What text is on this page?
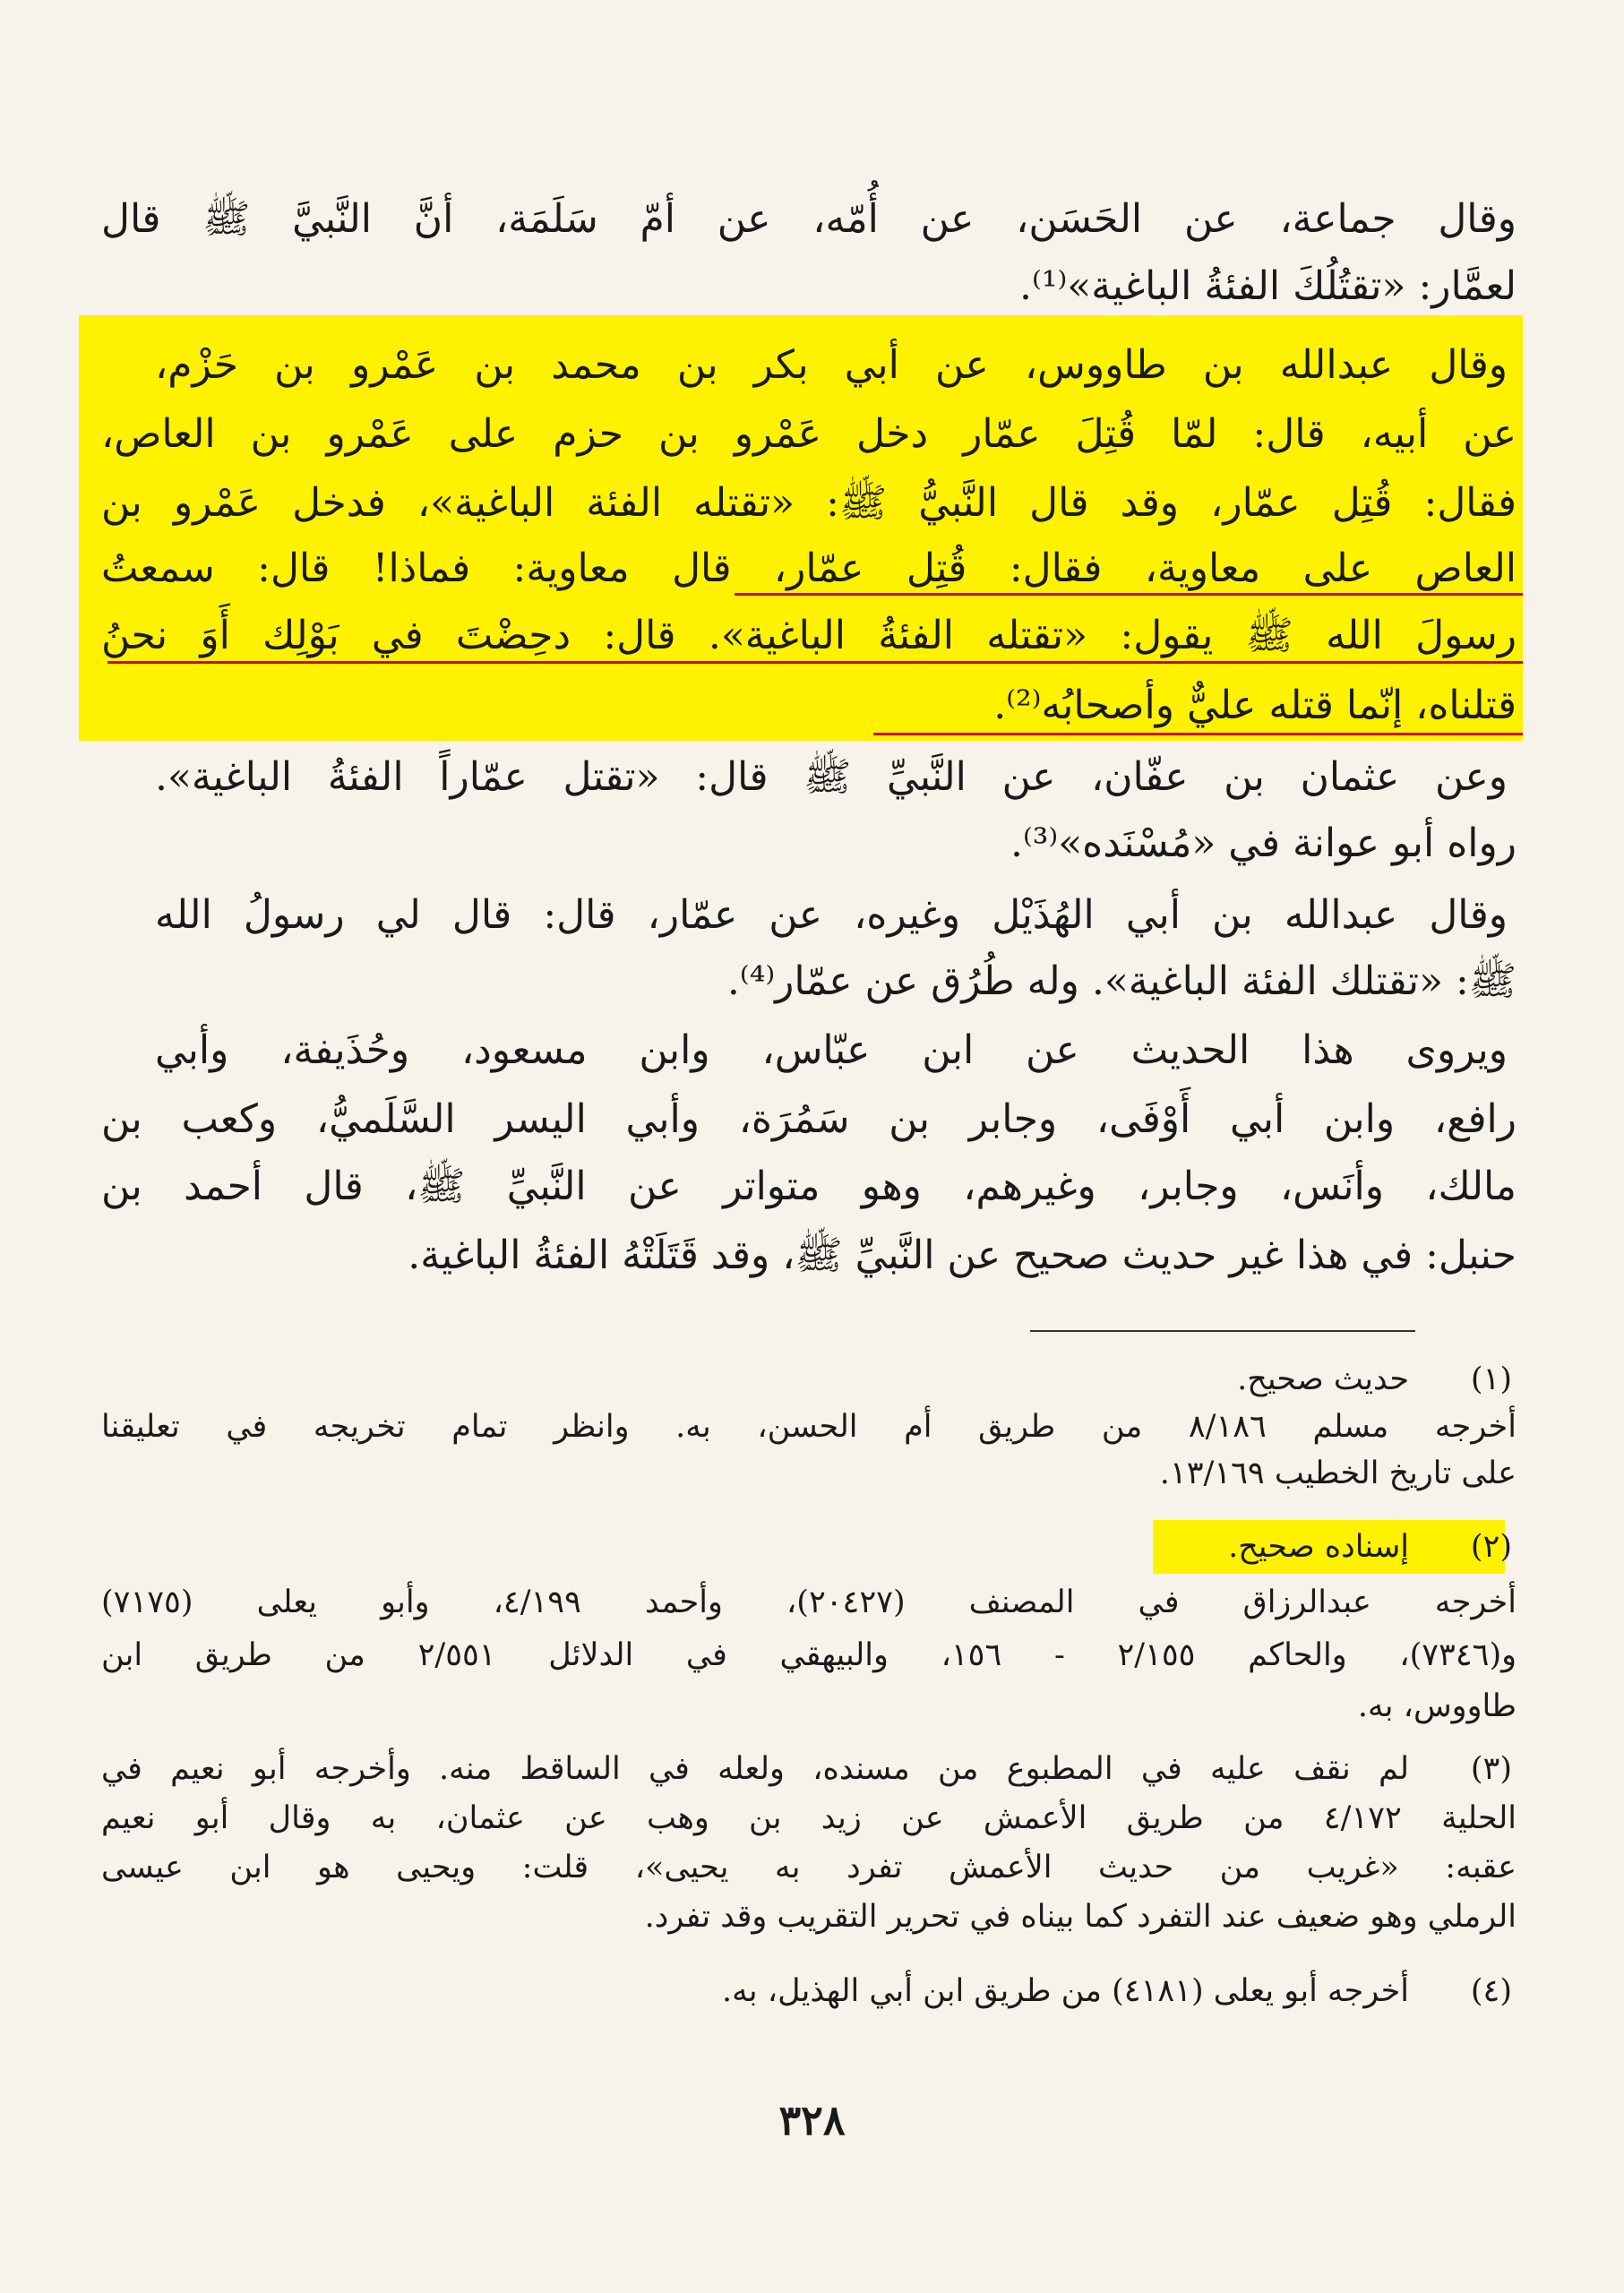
وقال جماعة، عن الحَسَن، عن أُمّه، عن أمّ سَلَمَة، أنَّ النَّبيَّ ﷺ قال
لعمَّار: «تقتُلُكَ الفئةُ الباغية»⁽¹⁾.
وقال عبدالله بن طاووس، عن أبي بكر بن محمد بن عَمْرو بن حَزْم،
عن أبيه، قال: لمّا قُتِلَ عمّار دخل عَمْرو بن حزم على عَمْرو بن العاص،
فقال: قُتِل عمّار، وقد قال النَّبيُّ ﷺ: «تقتله الفئة الباغية»، فدخل عَمْرو بن
العاص على معاوية، فقال: قُتِل عمّار، قال معاوية: فماذا! قال: سمعتُ
رسولَ الله ﷺ يقول: «تقتله الفئةُ الباغية». قال: دحِضْتَ في بَوْلِك أَوَ نحنُ
قتلناه، إنّما قتله عليٌّ وأصحابُه⁽²⁾.
وعن عثمان بن عفّان، عن النَّبيِّ ﷺ قال: «تقتل عمّاراً الفئةُ الباغية».
رواه أبو عوانة في «مُسْنَده»⁽³⁾.
وقال عبدالله بن أبي الهُذَيْل وغيره، عن عمّار، قال: قال لي رسولُ الله
ﷺ: «تقتلك الفئة الباغية». وله طُرُق عن عمّار⁽⁴⁾.
ويروى هذا الحديث عن ابن عبّاس، وابن مسعود، وحُذَيفة، وأبي
رافع، وابن أبي أَوْفَى، وجابر بن سَمُرَة، وأبي اليسر السَّلَميُّ، وكعب بن
مالك، وأنَس، وجابر، وغيرهم، وهو متواتر عن النَّبيِّ ﷺ، قال أحمد بن
حنبل: في هذا غير حديث صحيح عن النَّبيِّ ﷺ، وقد قَتَلَتْهُ الفئةُ الباغية.
(١)
حديث صحيح.
أخرجه مسلم ٨/١٨٦ من طريق أم الحسن، به. وانظر تمام تخريجه في تعليقنا
على تاريخ الخطيب ١٣/١٦٩.
(٢)
إسناده صحيح.
أخرجه عبدالرزاق في المصنف (٢٠٤٢٧)، وأحمد ٤/١٩٩، وأبو يعلى (٧١٧٥)
و(٧٣٤٦)، والحاكم ٢/١٥٥ - ١٥٦، والبيهقي في الدلائل ٢/٥٥١ من طريق ابن
طاووس، به.
(٣)
لم نقف عليه في المطبوع من مسنده، ولعله في الساقط منه. وأخرجه أبو نعيم في
الحلية ٤/١٧٢ من طريق الأعمش عن زيد بن وهب عن عثمان، به وقال أبو نعيم
عقبه: «غريب من حديث الأعمش تفرد به يحيى»، قلت: ويحيى هو ابن عيسى
الرملي وهو ضعيف عند التفرد كما بيناه في تحرير التقريب وقد تفرد.
(٤)
أخرجه أبو يعلى (٤١٨١) من طريق ابن أبي الهذيل، به.
٣٢٨
